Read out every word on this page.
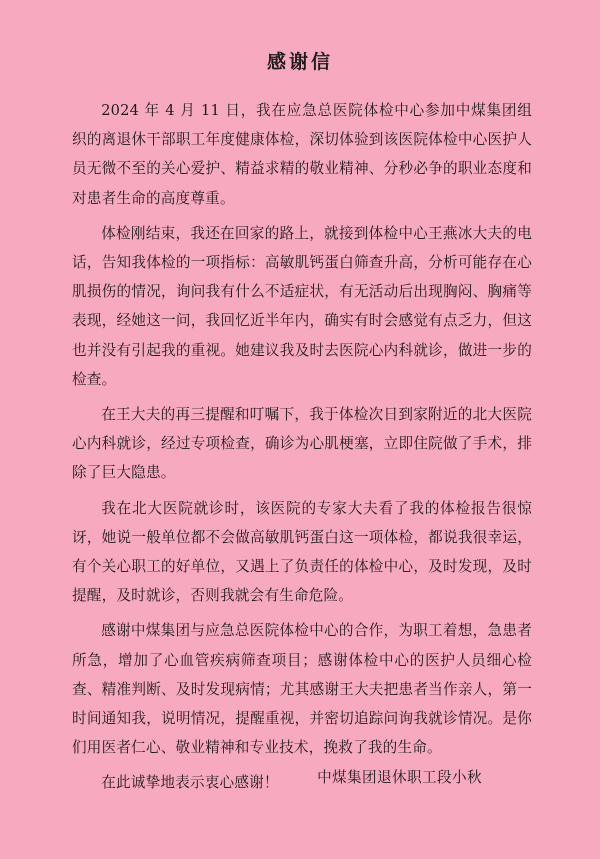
感谢信

2024 年 4 月 11 日，我在应急总医院体检中心参加中煤集团组织的离退休干部职工年度健康体检，深切体验到该医院体检中心医护人员无微不至的关心爱护、精益求精的敬业精神、分秒必争的职业态度和对患者生命的高度尊重。

体检刚结束，我还在回家的路上，就接到体检中心王燕冰大夫的电话，告知我体检的一项指标：高敏肌钙蛋白筛查升高，分析可能存在心肌损伤的情况，询问我有什么不适症状，有无活动后出现胸闷、胸痛等表现，经她这一问，我回忆近半年内，确实有时会感觉有点乏力，但这也并没有引起我的重视。她建议我及时去医院心内科就诊，做进一步的检查。

在王大夫的再三提醒和叮嘱下，我于体检次日到家附近的北大医院心内科就诊，经过专项检查，确诊为心肌梗塞，立即住院做了手术，排除了巨大隐患。

我在北大医院就诊时，该医院的专家大夫看了我的体检报告很惊讶，她说一般单位都不会做高敏肌钙蛋白这一项体检，都说我很幸运，有个关心职工的好单位，又遇上了负责任的体检中心，及时发现，及时提醒，及时就诊，否则我就会有生命危险。

感谢中煤集团与应急总医院体检中心的合作，为职工着想，急患者所急，增加了心血管疾病筛查项目；感谢体检中心的医护人员细心检查、精准判断、及时发现病情；尤其感谢王大夫把患者当作亲人，第一时间通知我，说明情况，提醒重视，并密切追踪问询我就诊情况。是你们用医者仁心、敬业精神和专业技术，挽救了我的生命。

在此诚挚地表示衷心感谢！	中煤集团退休职工段小秋
